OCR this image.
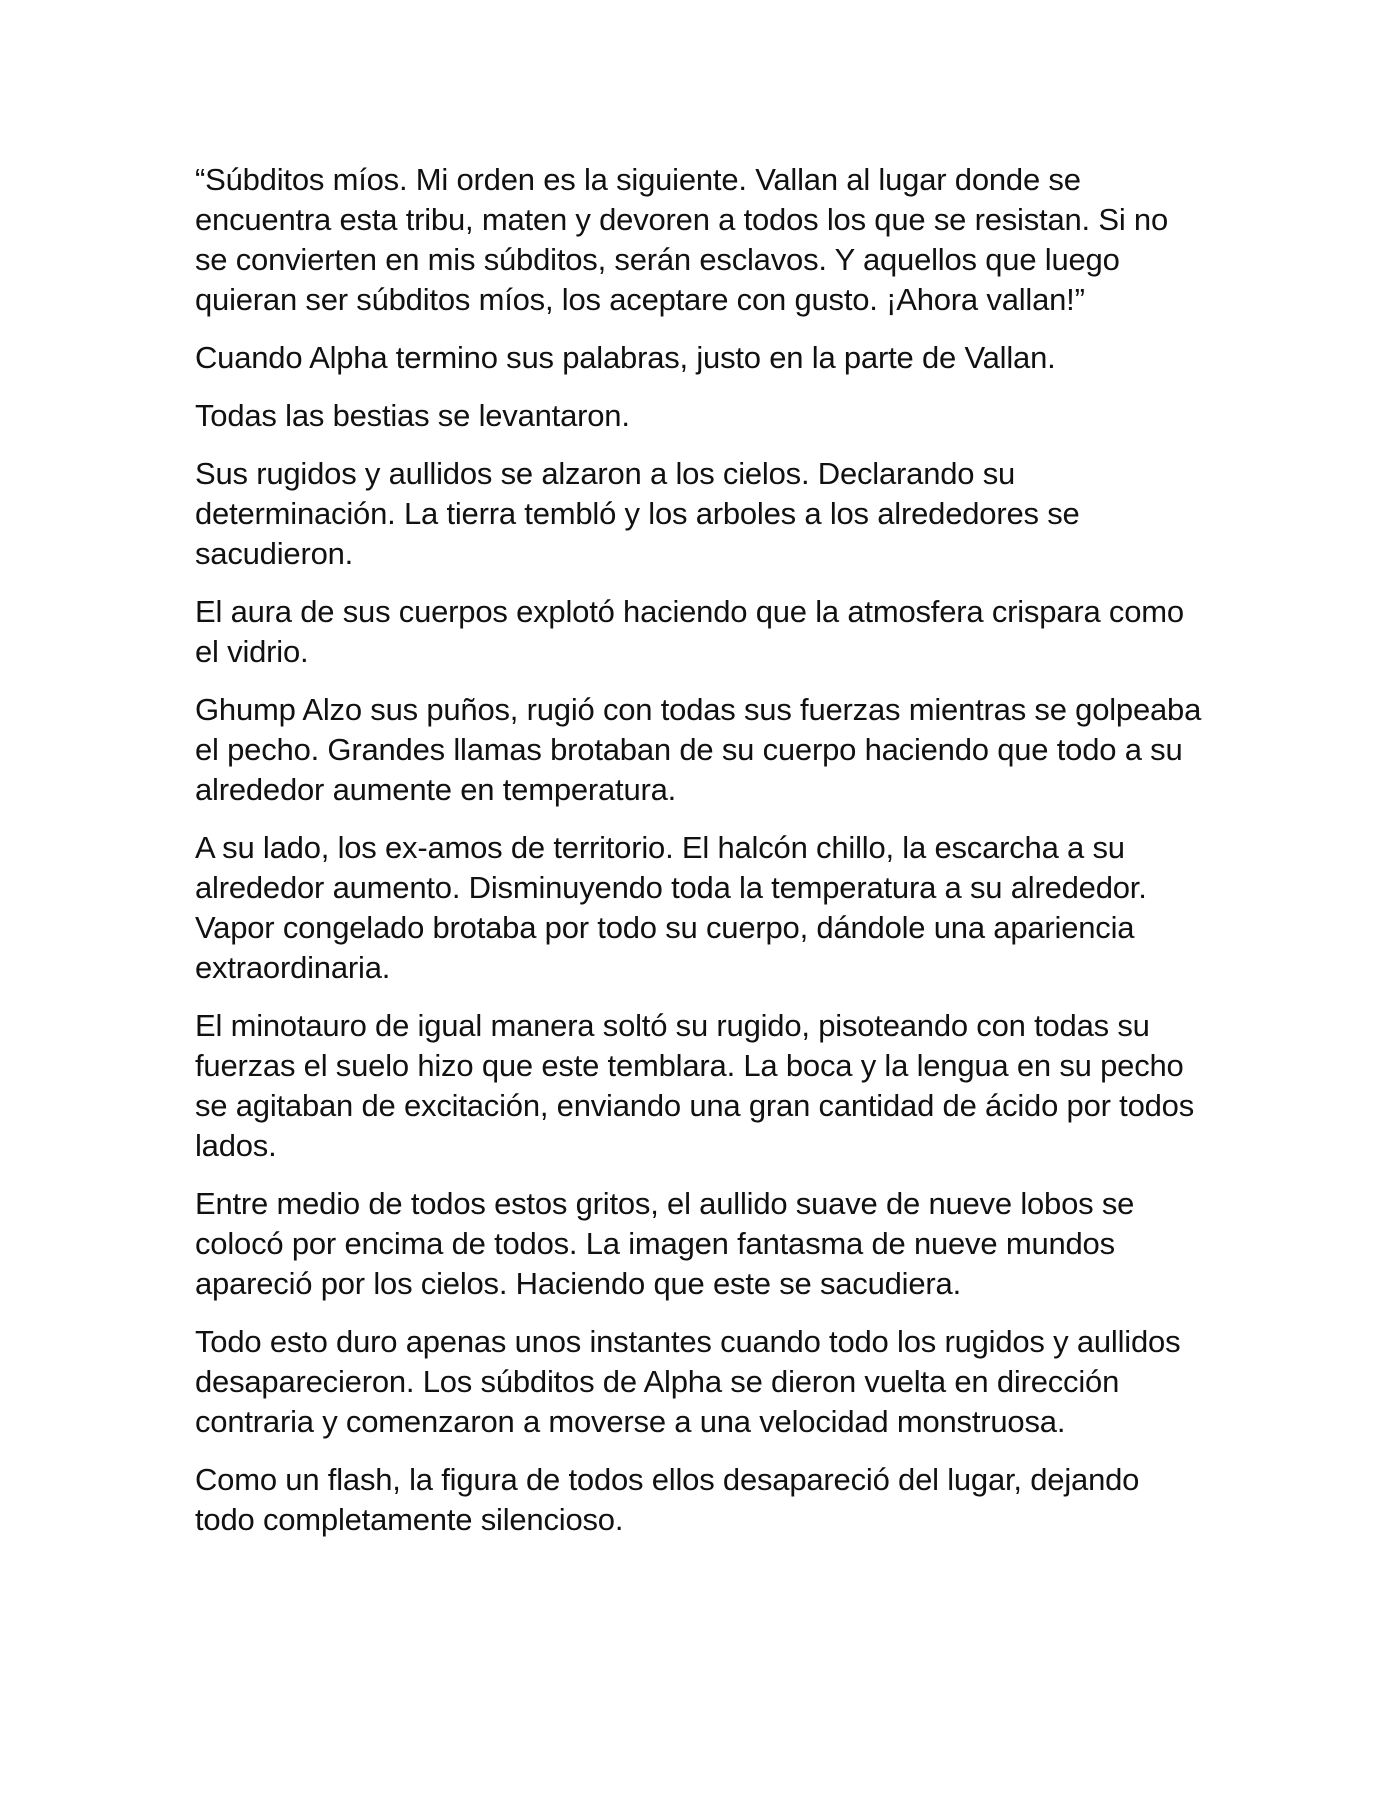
“Súbditos míos. Mi orden es la siguiente. Vallan al lugar donde se encuentra esta tribu, maten y devoren a todos los que se resistan. Si no se convierten en mis súbditos, serán esclavos. Y aquellos que luego quieran ser súbditos míos, los aceptare con gusto. ¡Ahora vallan!”

Cuando Alpha termino sus palabras, justo en la parte de Vallan.

Todas las bestias se levantaron.

Sus rugidos y aullidos se alzaron a los cielos. Declarando su determinación. La tierra tembló y los arboles a los alrededores se sacudieron.

El aura de sus cuerpos explotó haciendo que la atmosfera crispara como el vidrio.

Ghump Alzo sus puños, rugió con todas sus fuerzas mientras se golpeaba el pecho. Grandes llamas brotaban de su cuerpo haciendo que todo a su alrededor aumente en temperatura.

A su lado, los ex-amos de territorio. El halcón chillo, la escarcha a su alrededor aumento. Disminuyendo toda la temperatura a su alrededor. Vapor congelado brotaba por todo su cuerpo, dándole una apariencia extraordinaria.

El minotauro de igual manera soltó su rugido, pisoteando con todas su fuerzas el suelo hizo que este temblara. La boca y la lengua en su pecho se agitaban de excitación, enviando una gran cantidad de ácido por todos lados.

Entre medio de todos estos gritos, el aullido suave de nueve lobos se colocó por encima de todos. La imagen fantasma de nueve mundos apareció por los cielos. Haciendo que este se sacudiera.

Todo esto duro apenas unos instantes cuando todo los rugidos y aullidos desaparecieron. Los súbditos de Alpha se dieron vuelta en dirección contraria y comenzaron a moverse a una velocidad monstruosa.

Como un flash, la figura de todos ellos desapareció del lugar, dejando todo completamente silencioso.
